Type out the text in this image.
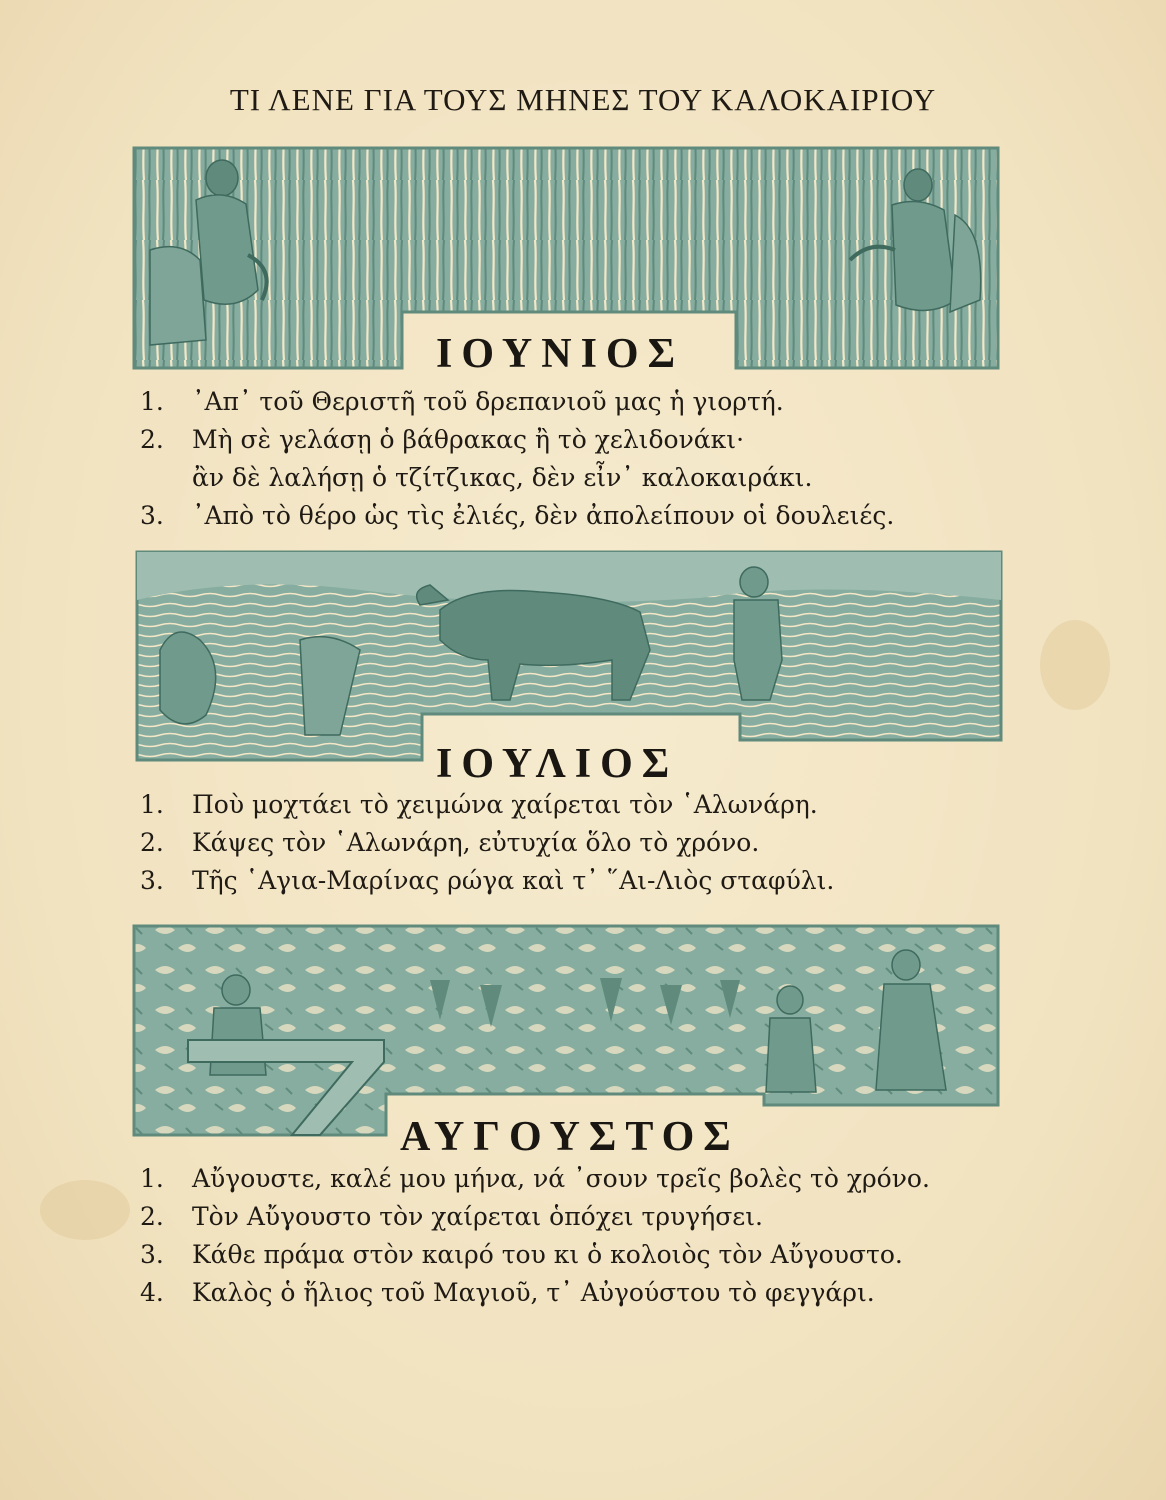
ΤΙ ΛΕΝΕ ΓΙΑ ΤΟΥΣ ΜΗΝΕΣ ΤΟΥ ΚΑΛΟΚΑΙΡΙΟΥ
ΙΟΥΝΙΟΣ
ΙΟΥΛΙΟΣ
ΑΥΓΟΥΣΤΟΣ
1. ᾿Απ᾿ τοῦ Θεριστῆ τοῦ δρεπανιοῦ μας ἡ γιορτή.
2. Μὴ σὲ γελάσῃ ὁ βάθρακας ἢ τὸ χελιδονάκι·
ἂν δὲ λαλήσῃ ὁ τζίτζικας, δὲν εἶν᾿ καλοκαιράκι.
3. ᾿Απὸ τὸ θέρο ὡς τὶς ἐλιές, δὲν ἀπολείπουν οἱ δουλειές.
1. Ποὺ μοχτάει τὸ χειμώνα χαίρεται τὸν ῾Αλωνάρη.
2. Κάψες τὸν ῾Αλωνάρη, εὐτυχία ὅλο τὸ χρόνο.
3. Τῆς ῾Αγια-Μαρίνας ρώγα καὶ τ᾿ ῞Αι-Λιὸς σταφύλι.
1. Αὔγουστε, καλέ μου μήνα, νά ᾿σουν τρεῖς βολὲς τὸ χρόνο.
2. Τὸν Αὔγουστο τὸν χαίρεται ὁπόχει τρυγήσει.
3. Κάθε πράμα στὸν καιρό του κι ὁ κολοιὸς τὸν Αὔγουστο.
4. Καλὸς ὁ ἥλιος τοῦ Μαγιοῦ, τ᾿ Αὐγούστου τὸ φεγγάρι.
